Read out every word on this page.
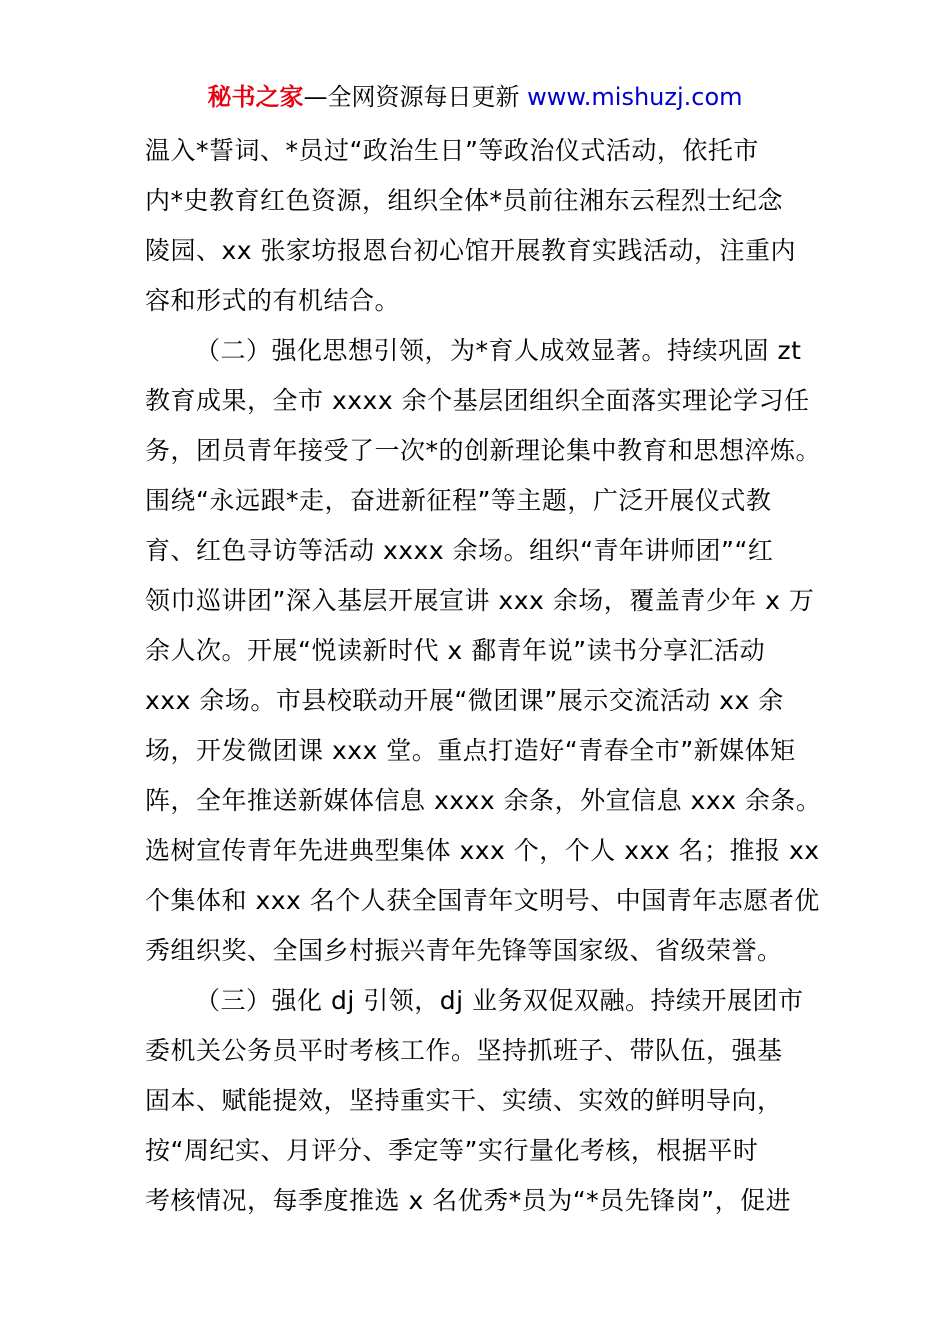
秘书之家—全网资源每日更新 www.mishuzj.com
温入*誓词、*员过“政治生日”等政治仪式活动，依托市
内*史教育红色资源，组织全体*员前往湘东云程烈士纪念
陵园、xx 张家坊报恩台初心馆开展教育实践活动，注重内
容和形式的有机结合。
（二）强化思想引领，为*育人成效显著。持续巩固 zt
教育成果，全市 xxxx 余个基层团组织全面落实理论学习任
务，团员青年接受了一次*的创新理论集中教育和思想淬炼。
围绕“永远跟*走，奋进新征程”等主题，广泛开展仪式教
育、红色寻访等活动 xxxx 余场。组织“青年讲师团”“红
领巾巡讲团”深入基层开展宣讲 xxx 余场，覆盖青少年 x 万
余人次。开展“悦读新时代 x 鄱青年说”读书分享汇活动
xxx 余场。市县校联动开展“微团课”展示交流活动 xx 余
场，开发微团课 xxx 堂。重点打造好“青春全市”新媒体矩
阵，全年推送新媒体信息 xxxx 余条，外宣信息 xxx 余条。
选树宣传青年先进典型集体 xxx 个，个人 xxx 名；推报 xx
个集体和 xxx 名个人获全国青年文明号、中国青年志愿者优
秀组织奖、全国乡村振兴青年先锋等国家级、省级荣誉。
（三）强化 dj 引领，dj 业务双促双融。持续开展团市
委机关公务员平时考核工作。坚持抓班子、带队伍，强基
固本、赋能提效，坚持重实干、实绩、实效的鲜明导向，
按“周纪实、月评分、季定等”实行量化考核，根据平时
考核情况，每季度推选 x 名优秀*员为“*员先锋岗”，促进
